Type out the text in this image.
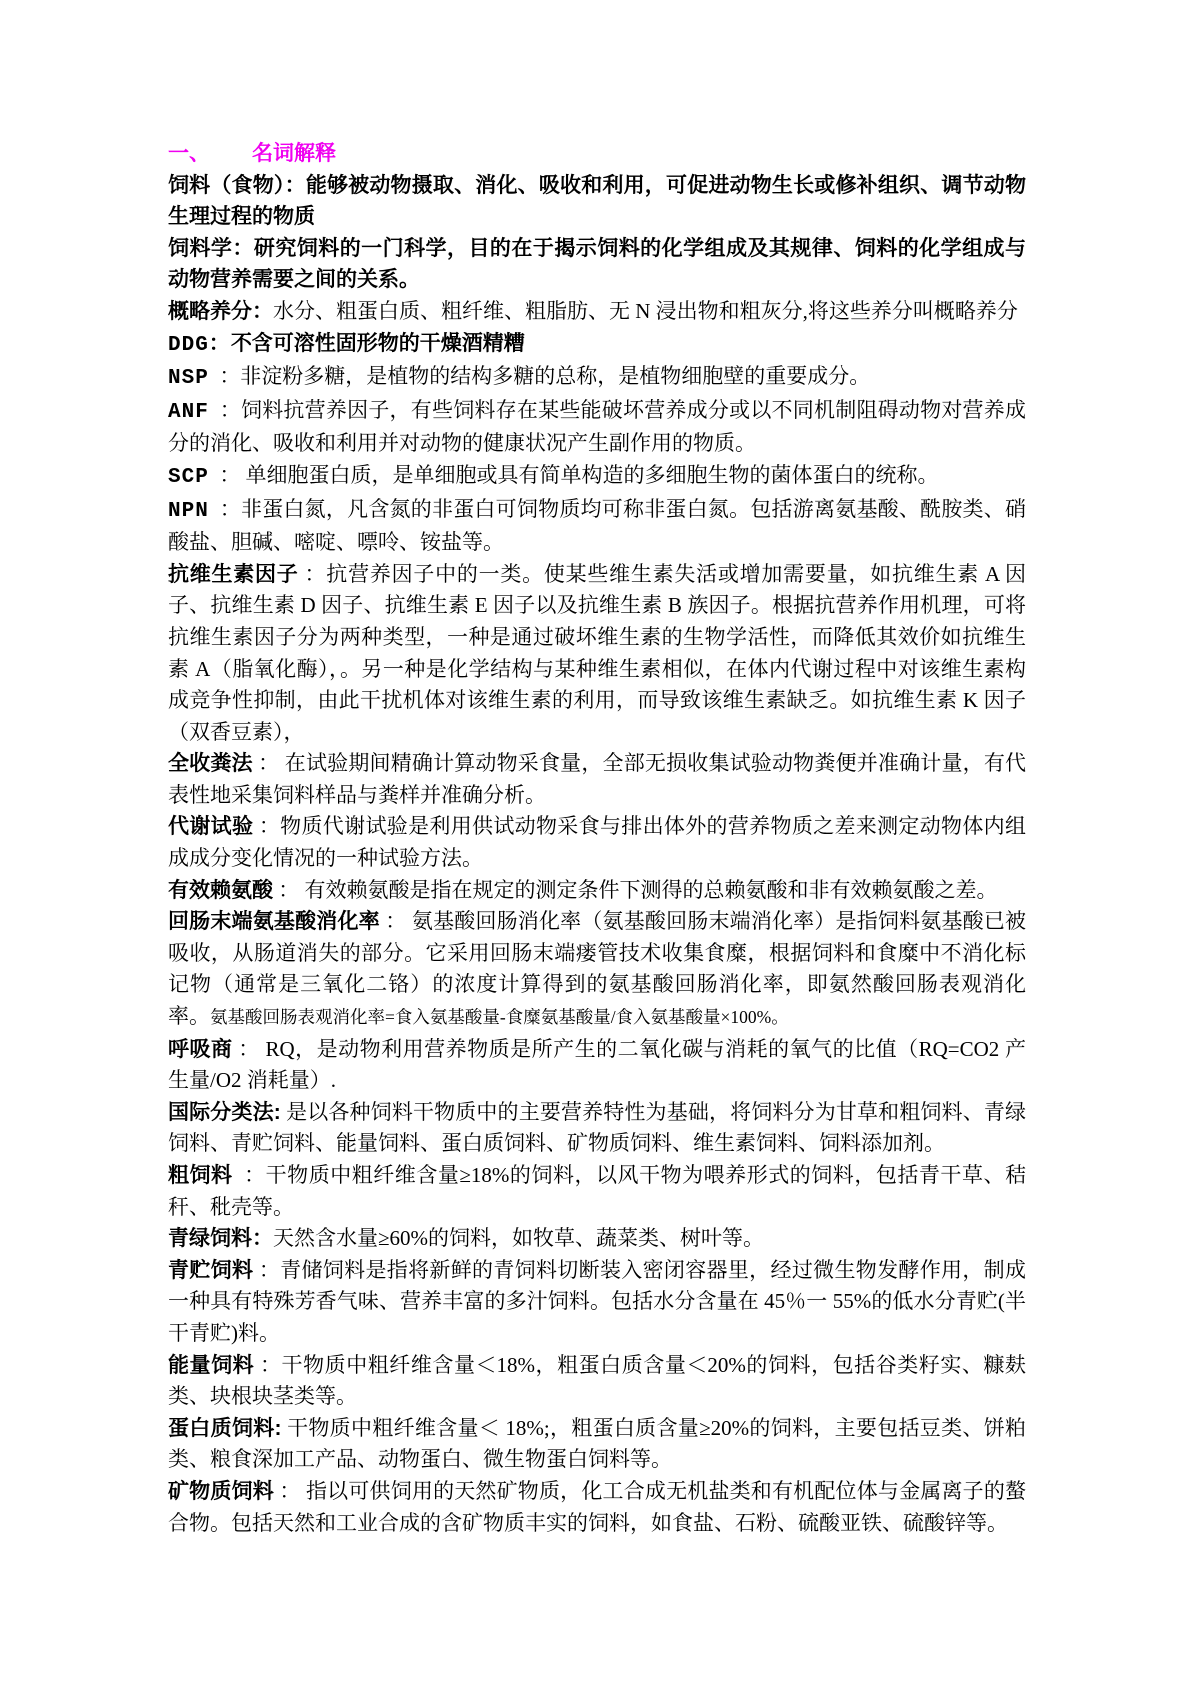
一、 名词解释

饲料（食物）：能够被动物摄取、消化、吸收和利用，可促进动物生长或修补组织、调节动物生理过程的物质

饲料学：研究饲料的一门科学，目的在于揭示饲料的化学组成及其规律、饲料的化学组成与动物营养需要之间的关系。

概略养分：水分、粗蛋白质、粗纤维、粗脂肪、无 N 浸出物和粗灰分,将这些养分叫概略养分

DDG：不含可溶性固形物的干燥酒精糟

NSP  ：非淀粉多糖，是植物的结构多糖的总称，是植物细胞壁的重要成分。

ANF  ：饲料抗营养因子，有些饲料存在某些能破坏营养成分或以不同机制阻碍动物对营养成分的消化、吸收和利用并对动物的健康状况产生副作用的物质。

SCP  ： 单细胞蛋白质，是单细胞或具有简单构造的多细胞生物的菌体蛋白的统称。

NPN  ：非蛋白氮，凡含氮的非蛋白可饲物质均可称非蛋白氮。包括游离氨基酸、酰胺类、硝酸盐、胆碱、嘧啶、嘌呤、铵盐等。

抗维生素因子 ：抗营养因子中的一类。使某些维生素失活或增加需要量，如抗维生素 A 因子、抗维生素 D 因子、抗维生素 E 因子以及抗维生素 B 族因子。根据抗营养作用机理，可将抗维生素因子分为两种类型，一种是通过破坏维生素的生物学活性，而降低其效价如抗维生素 A（脂氧化酶），。另一种是化学结构与某种维生素相似，在体内代谢过程中对该维生素构成竞争性抑制，由此干扰机体对该维生素的利用，而导致该维生素缺乏。如抗维生素 K 因子（双香豆素），

全收粪法 ： 在试验期间精确计算动物采食量，全部无损收集试验动物粪便并准确计量，有代表性地采集饲料样品与粪样并准确分析。

代谢试验 ：物质代谢试验是利用供试动物采食与排出体外的营养物质之差来测定动物体内组成成分变化情况的一种试验方法。

有效赖氨酸 ： 有效赖氨酸是指在规定的测定条件下测得的总赖氨酸和非有效赖氨酸之差。

回肠末端氨基酸消化率 ： 氨基酸回肠消化率（氨基酸回肠末端消化率）是指饲料氨基酸已被吸收，从肠道消失的部分。它采用回肠末端瘘管技术收集食糜，根据饲料和食糜中不消化标记物（通常是三氧化二铬）的浓度计算得到的氨基酸回肠消化率，即氨然酸回肠表观消化率。氨基酸回肠表观消化率=食入氨基酸量-食糜氨基酸量/食入氨基酸量×100%。

呼吸商 ： RQ，是动物利用营养物质是所产生的二氧化碳与消耗的氧气的比值（RQ=CO2 产生量/O2 消耗量）.

国际分类法: 是以各种饲料干物质中的主要营养特性为基础，将饲料分为甘草和粗饲料、青绿饲料、青贮饲料、能量饲料、蛋白质饲料、矿物质饲料、维生素饲料、饲料添加剂。

粗饲料  ：干物质中粗纤维含量≥18%的饲料，以风干物为喂养形式的饲料，包括青干草、秸秆、秕壳等。

青绿饲料：天然含水量≥60%的饲料，如牧草、蔬菜类、树叶等。

青贮饲料 ：青储饲料是指将新鲜的青饲料切断装入密闭容器里，经过微生物发酵作用，制成一种具有特殊芳香气味、营养丰富的多汁饲料。包括水分含量在 45％一 55%的低水分青贮(半干青贮)料。

能量饲料 ：干物质中粗纤维含量＜18%，粗蛋白质含量＜20%的饲料，包括谷类籽实、糠麸类、块根块茎类等。

蛋白质饲料: 干物质中粗纤维含量＜ 18%;，粗蛋白质含量≥20%的饲料，主要包括豆类、饼粕类、粮食深加工产品、动物蛋白、微生物蛋白饲料等。

矿物质饲料 ： 指以可供饲用的天然矿物质，化工合成无机盐类和有机配位体与金属离子的螯合物。包括天然和工业合成的含矿物质丰实的饲料，如食盐、石粉、硫酸亚铁、硫酸锌等。
